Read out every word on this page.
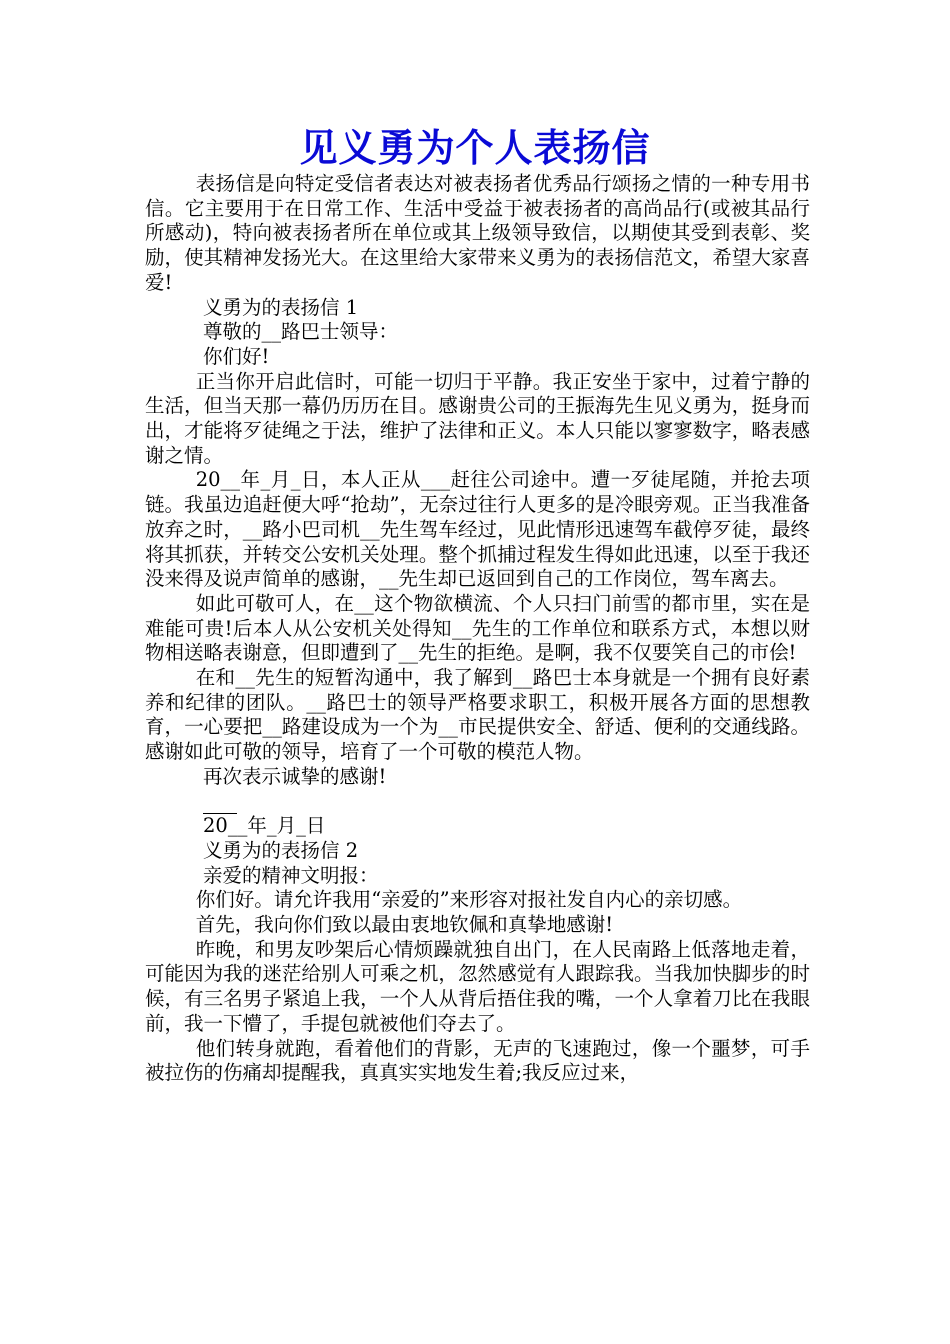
见义勇为个人表扬信

表扬信是向特定受信者表达对被表扬者优秀品行颂扬之情的一种专用书信。它主要用于在日常工作、生活中受益于被表扬者的高尚品行(或被其品行所感动)，特向被表扬者所在单位或其上级领导致信，以期使其受到表彰、奖励，使其精神发扬光大。在这里给大家带来义勇为的表扬信范文，希望大家喜爱!

义勇为的表扬信 1

尊敬的__路巴士领导：

你们好!

正当你开启此信时，可能一切归于平静。我正安坐于家中，过着宁静的生活，但当天那一幕仍历历在目。感谢贵公司的王振海先生见义勇为，挺身而出，才能将歹徒绳之于法，维护了法律和正义。本人只能以寥寥数字，略表感谢之情。

20__年_月_日，本人正从___赶往公司途中。遭一歹徒尾随，并抢去项链。我虽边追赶便大呼“抢劫”，无奈过往行人更多的是冷眼旁观。正当我准备放弃之时，__路小巴司机__先生驾车经过，见此情形迅速驾车截停歹徒，最终将其抓获，并转交公安机关处理。整个抓捕过程发生得如此迅速，以至于我还没来得及说声简单的感谢，__先生却已返回到自己的工作岗位，驾车离去。

如此可敬可人，在__这个物欲横流、个人只扫门前雪的都市里，实在是难能可贵!后本人从公安机关处得知__先生的工作单位和联系方式，本想以财物相送略表谢意，但即遭到了__先生的拒绝。是啊，我不仅要笑自己的市侩!

在和__先生的短暂沟通中，我了解到__路巴士本身就是一个拥有良好素养和纪律的团队。__路巴士的领导严格要求职工，积极开展各方面的思想教育，一心要把__路建设成为一个为__市民提供安全、舒适、便利的交通线路。感谢如此可敬的领导，培育了一个可敬的模范人物。

再次表示诚挚的感谢!

20__年_月_日

义勇为的表扬信 2

亲爱的精神文明报：

你们好。请允许我用“亲爱的”来形容对报社发自内心的亲切感。

首先，我向你们致以最由衷地钦佩和真挚地感谢!

昨晚，和男友吵架后心情烦躁就独自出门，在人民南路上低落地走着，可能因为我的迷茫给别人可乘之机，忽然感觉有人跟踪我。当我加快脚步的时候，有三名男子紧追上我，一个人从背后捂住我的嘴，一个人拿着刀比在我眼前，我一下懵了，手提包就被他们夺去了。

他们转身就跑，看着他们的背影，无声的飞速跑过，像一个噩梦，可手被拉伤的伤痛却提醒我，真真实实地发生着;我反应过来，
